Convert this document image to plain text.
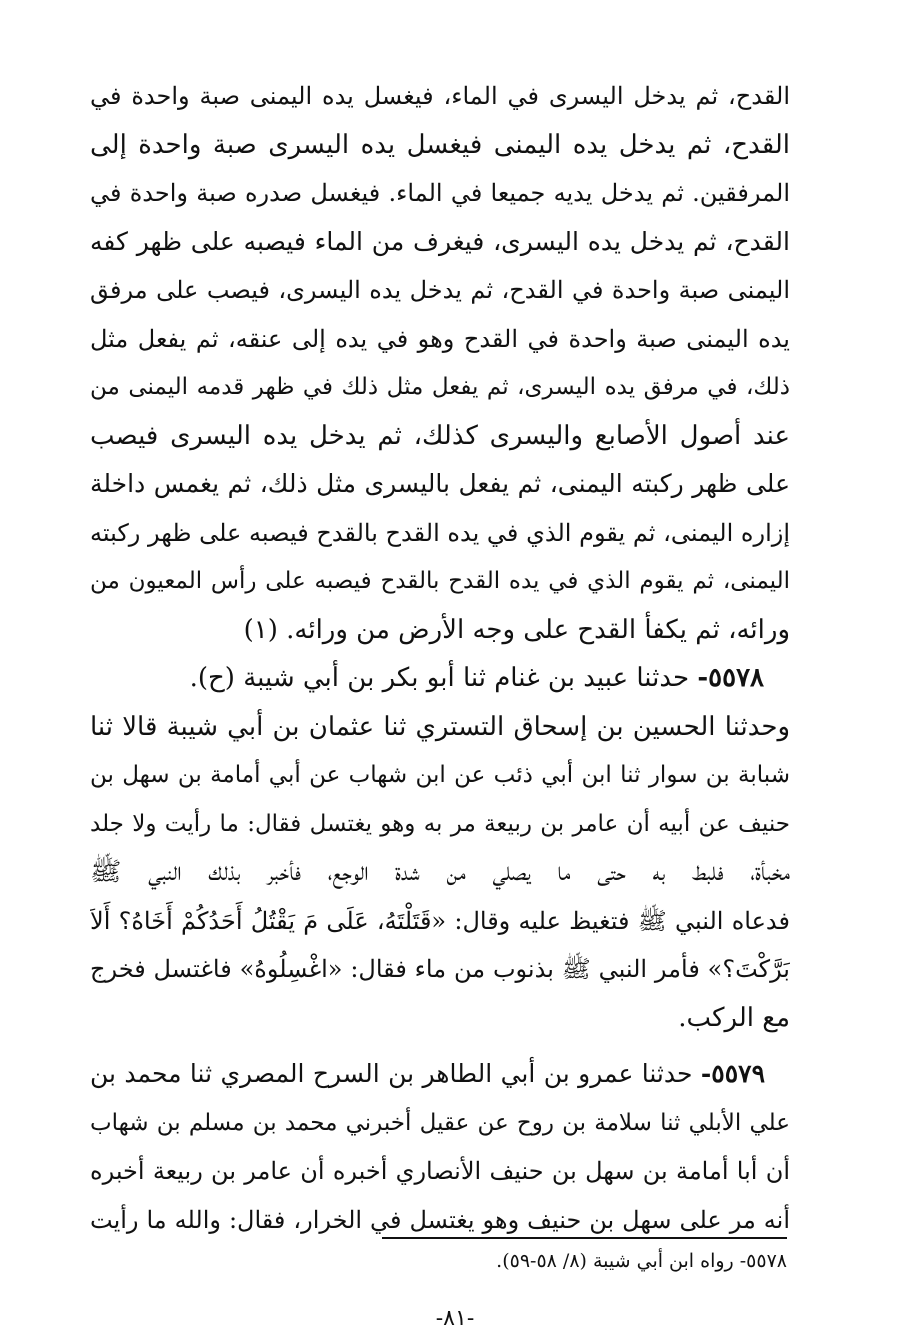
القدح، ثم يدخل اليسرى في الماء، فيغسل يده اليمنى صبة واحدة في
القدح، ثم يدخل يده اليمنى فيغسل يده اليسرى صبة واحدة إلى
المرفقين. ثم يدخل يديه جميعا في الماء. فيغسل صدره صبة واحدة في
القدح، ثم يدخل يده اليسرى، فيغرف من الماء فيصبه على ظهر كفه
اليمنى صبة واحدة في القدح، ثم يدخل يده اليسرى، فيصب على مرفق
يده اليمنى صبة واحدة في القدح وهو في يده إلى عنقه، ثم يفعل مثل
ذلك، في مرفق يده اليسرى، ثم يفعل مثل ذلك في ظهر قدمه اليمنى من
عند أصول الأصابع واليسرى كذلك، ثم يدخل يده اليسرى فيصب
على ظهر ركبته اليمنى، ثم يفعل باليسرى مثل ذلك، ثم يغمس داخلة
إزاره اليمنى، ثم يقوم الذي في يده القدح بالقدح فيصبه على ظهر ركبته
اليمنى، ثم يقوم الذي في يده القدح بالقدح فيصبه على رأس المعيون من
ورائه، ثم يكفأ القدح على وجه الأرض من ورائه. (١)
 ٥٥٧٨- حدثنا عبيد بن غنام ثنا أبو بكر بن أبي شيبة (ح).
وحدثنا الحسين بن إسحاق التستري ثنا عثمان بن أبي شيبة قالا ثنا
شبابة بن سوار ثنا ابن أبي ذئب عن ابن شهاب عن أبي أمامة بن سهل بن
حنيف عن أبيه أن عامر بن ربيعة مر به وهو يغتسل فقال: ما رأيت ولا جلد
مخبأة، فلبط به حتى ما يصلي من شدة الوجع، فأخبر بذلك النبي ﷺ
فدعاه النبي ﷺ فتغيظ عليه وقال: «قَتَلْتَهُ، عَلَى مَ يَقْتُلُ أَحَدُكُمْ أَخَاهُ؟ أَلاَ
بَرَّكْتَ؟» فأمر النبي ﷺ بذنوب من ماء فقال: «اغْسِلُوهُ» فاغتسل فخرج
مع الركب.
 ٥٥٧٩- حدثنا عمرو بن أبي الطاهر بن السرح المصري ثنا محمد بن
علي الأبلي ثنا سلامة بن روح عن عقيل أخبرني محمد بن مسلم بن شهاب
أن أبا أمامة بن سهل بن حنيف الأنصاري أخبره أن عامر بن ربيعة أخبره
أنه مر على سهل بن حنيف وهو يغتسل في الخرار، فقال: والله ما رأيت
٥٥٧٨- رواه ابن أبي شيبة (٨/ ٥٨-٥٩).
-٨١-
